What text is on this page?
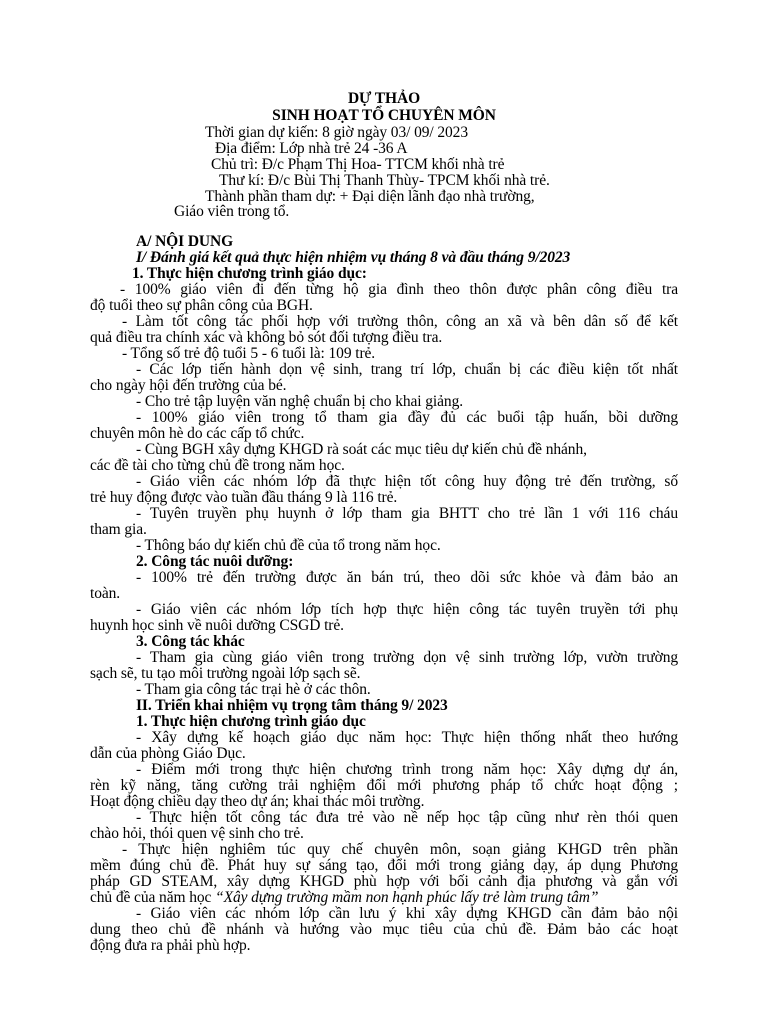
DỰ THẢO
SINH HOẠT TỔ CHUYÊN MÔN
Thời gian dự kiến: 8 giờ ngày 03/ 09/ 2023
Địa điểm: Lớp nhà trẻ 24 -36 A
Chủ trì: Đ/c Phạm Thị Hoa- TTCM khối nhà trẻ
Thư kí: Đ/c Bùi Thị Thanh Thùy- TPCM khối nhà trẻ.
Thành phần tham dự: + Đại diện lãnh đạo nhà trường,
Giáo viên trong tổ.
A/ NỘI DUNG
I/ Đánh giá kết quả thực hiện nhiệm vụ tháng 8 và đầu tháng 9/2023
1. Thực hiện chương trình giáo dục:
- 100% giáo viên đi đến từng hộ gia đình theo thôn được phân công điều tra
độ tuổi theo sự phân công của BGH.
- Làm tốt công tác phối hợp với trường thôn, công an xã và bên dân số để kết
quả điều tra chính xác và không bỏ sót đối tượng điều tra.
- Tổng số trẻ độ tuổi 5 - 6 tuổi là: 109 trẻ.
- Các lớp tiến hành dọn vệ sinh, trang trí lớp, chuẩn bị các điều kiện tốt nhất
cho ngày hội đến trường của bé.
- Cho trẻ tập luyện văn nghệ chuẩn bị cho khai giảng.
- 100% giáo viên trong tổ tham gia đầy đủ các buổi tập huấn, bồi dưỡng
chuyên môn hè do các cấp tổ chức.
- Cùng BGH xây dựng KHGD rà soát các mục tiêu dự kiến chủ đề nhánh,
các đề tài cho từng chủ đề trong năm học.
- Giáo viên các nhóm lớp đã thực hiện tốt công huy động trẻ đến trường, số
trẻ huy động được vào tuần đầu tháng 9 là 116 trẻ.
- Tuyên truyền phụ huynh ở lớp tham gia BHTT cho trẻ lần 1 với 116 cháu
tham gia.
- Thông báo dự kiến chủ đề của tổ trong năm học.
2. Công tác nuôi dưỡng:
- 100% trẻ đến trường được ăn bán trú, theo dõi sức khỏe và đảm bảo an
toàn.
- Giáo viên các nhóm lớp tích hợp thực hiện công tác tuyên truyền tới phụ
huynh học sinh về nuôi dưỡng CSGD trẻ.
3. Công tác khác
- Tham gia cùng giáo viên trong trường dọn vệ sinh trường lớp, vườn trường
sạch sẽ, tu tạo môi trường ngoài lớp sạch sẽ.
- Tham gia công tác trại hè ở các thôn.
II. Triển khai nhiệm vụ trọng tâm tháng 9/ 2023
1. Thực hiện chương trình giáo dục
- Xây dựng kế hoạch giáo dục năm học: Thực hiện thống nhất theo hướng
dẫn của phòng Giáo Dục.
- Điểm mới trong thực hiện chương trình trong năm học: Xây dựng dự án,
rèn kỹ năng, tăng cường trải nghiệm đổi mới phương pháp tổ chức hoạt động ;
Hoạt động chiều dạy theo dự án; khai thác môi trường.
- Thực hiện tốt công tác đưa trẻ vào nề nếp học tập cũng như rèn thói quen
chào hỏi, thói quen vệ sinh cho trẻ.
- Thực hiện nghiêm túc quy chế chuyên môn, soạn giảng KHGD trên phần
mềm đúng chủ đề. Phát huy sự sáng tạo, đổi mới trong giảng dạy, áp dụng Phương
pháp GD STEAM, xây dựng KHGD phù hợp với bối cảnh địa phương và gắn với
chủ đề của năm học “Xây dựng trường mầm non hạnh phúc lấy trẻ làm trung tâm”
- Giáo viên các nhóm lớp cần lưu ý khi xây dựng KHGD cần đảm bảo nội
dung theo chủ đề nhánh và hướng vào mục tiêu của chủ đề. Đảm bảo các hoạt
động đưa ra phải phù hợp.
